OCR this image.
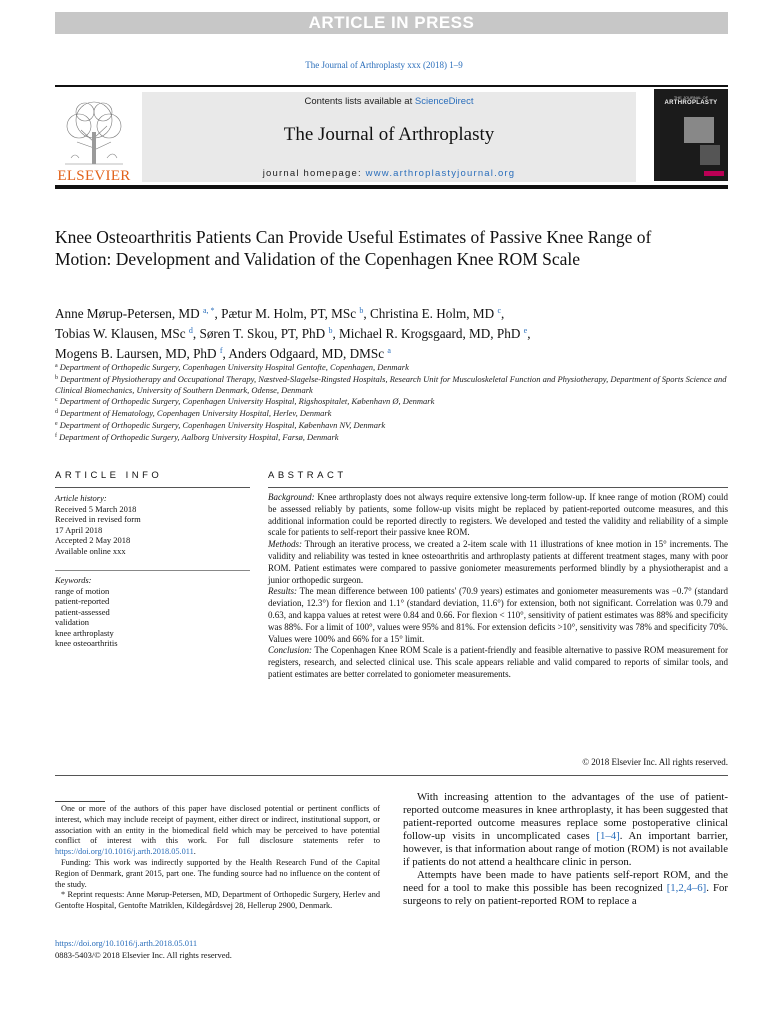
ARTICLE IN PRESS
The Journal of Arthroplasty xxx (2018) 1–9
ELSEVIER
Contents lists available at ScienceDirect
The Journal of Arthroplasty
journal homepage: www.arthroplastyjournal.org
THE JOURNAL OF
ARTHROPLASTY
Knee Osteoarthritis Patients Can Provide Useful Estimates of Passive Knee Range of Motion: Development and Validation of the Copenhagen Knee ROM Scale
Anne Mørup-Petersen, MD $^{a, *}$, Pætur M. Holm, PT, MSc $^b$, Christina E. Holm, MD $^c$,
Tobias W. Klausen, MSc $^d$, Søren T. Skou, PT, PhD $^b$, Michael R. Krogsgaard, MD, PhD $^e$,
Mogens B. Laursen, MD, PhD $^f$, Anders Odgaard, MD, DMSc $^a$
$^a$ Department of Orthopedic Surgery, Copenhagen University Hospital Gentofte, Copenhagen, Denmark
$^b$ Department of Physiotherapy and Occupational Therapy, Næstved-Slagelse-Ringsted Hospitals, Research Unit for Musculoskeletal Function and Physiotherapy, Department of Sports Science and Clinical Biomechanics, University of Southern Denmark, Odense, Denmark
$^c$ Department of Orthopedic Surgery, Copenhagen University Hospital, Rigshospitalet, København Ø, Denmark
$^d$ Department of Hematology, Copenhagen University Hospital, Herlev, Denmark
$^e$ Department of Orthopedic Surgery, Copenhagen University Hospital, København NV, Denmark
$^f$ Department of Orthopedic Surgery, Aalborg University Hospital, Farsø, Denmark
ARTICLE INFO	ABSTRACT
Article history:
Received 5 March 2018
Received in revised form
17 April 2018
Accepted 2 May 2018
Available online xxx
Keywords:
range of motion
patient-reported
patient-assessed
validation
knee arthroplasty
knee osteoarthritis

Background: Knee arthroplasty does not always require extensive long-term follow-up. If knee range of motion (ROM) could be assessed reliably by patients, some follow-up visits might be replaced by patient-reported outcome measures, and this additional information could be reported directly to registers. We developed and tested the validity and reliability of a simple scale for patients to self-report their passive knee ROM.

Methods: Through an iterative process, we created a 2-item scale with 11 illustrations of knee motion in 15° increments. The validity and reliability was tested in knee osteoarthritis and arthroplasty patients at different treatment stages, many with poor ROM. Patient estimates were compared to passive goniometer measurements performed blindly by a physiotherapist and a junior orthopedic surgeon.

Results: The mean difference between 100 patients' (70.9 years) estimates and goniometer measurements was −0.7° (standard deviation, 12.3°) for flexion and 1.1° (standard deviation, 11.6°) for extension, both not significant. Correlation was 0.79 and 0.63, and kappa values at retest were 0.84 and 0.66. For flexion < 110°, sensitivity of patient estimates was 88% and specificity was 88%. For a limit of 100°, values were 95% and 81%. For extension deficits >10°, sensitivity was 78% and specificity 70%. Values were 100% and 66% for a 15° limit.

Conclusion: The Copenhagen Knee ROM Scale is a patient-friendly and feasible alternative to passive ROM measurement for registers, research, and selected clinical use. This scale appears reliable and valid compared to reports of similar tools, and patient estimates are better correlated to goniometer measurements.

© 2018 Elsevier Inc. All rights reserved.

One or more of the authors of this paper have disclosed potential or pertinent conflicts of interest, which may include receipt of payment, either direct or indirect, institutional support, or association with an entity in the biomedical field which may be perceived to have potential conflict of interest with this work. For full disclosure statements refer to https://doi.org/10.1016/j.arth.2018.05.011.

Funding: This work was indirectly supported by the Health Research Fund of the Capital Region of Denmark, grant 2015, part one. The funding source had no influence on the content of the study.

* Reprint requests: Anne Mørup-Petersen, MD, Department of Orthopedic Surgery, Herlev and Gentofte Hospital, Gentofte Matriklen, Kildegårdsvej 28, Hellerup 2900, Denmark.

https://doi.org/10.1016/j.arth.2018.05.011
0883-5403/© 2018 Elsevier Inc. All rights reserved.

With increasing attention to the advantages of the use of patient-reported outcome measures in knee arthroplasty, it has been suggested that patient-reported outcome measures replace some postoperative clinical follow-up visits in uncomplicated cases [1–4]. An important barrier, however, is that information about range of motion (ROM) is not available if patients do not attend a healthcare clinic in person.

Attempts have been made to have patients self-report ROM, and the need for a tool to make this possible has been recognized [1,2,4–6]. For surgeons to rely on patient-reported ROM to replace a
